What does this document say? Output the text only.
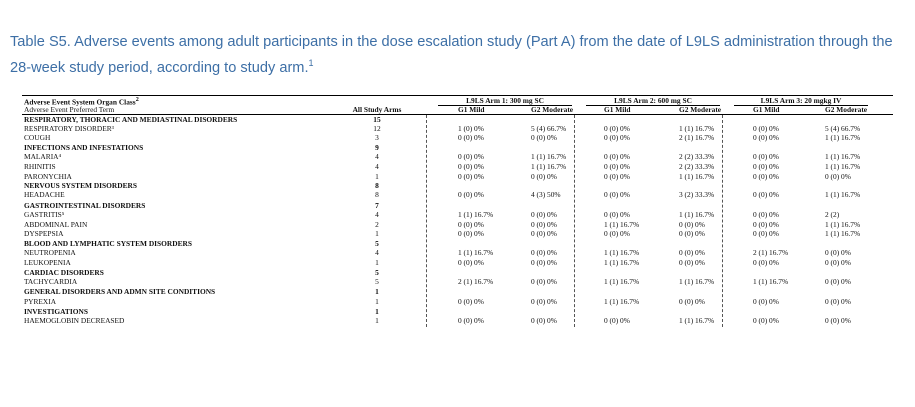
Table S5. Adverse events among adult participants in the dose escalation study (Part A) from the date of L9LS administration through the 28-week study period, according to study arm.$^1$
Adverse Event System Organ Class$^2$	L9LS Arm 1: 300 mg SC	L9LS Arm 2: 600 mg SC	L9LS Arm 3: 20 mgkg IV
Adverse Event Preferred Term	All Study Arms	G1 Mild	G2 Moderate	G1 Mild	G2 Moderate	G1 Mild	G2 Moderate
RESPIRATORY, THORACIC AND MEDIASTINAL DISORDERS	15
RESPIRATORY DISORDER³	12	1 (0) 0%	5 (4) 66.7%	0 (0) 0%	1 (1) 16.7%	0 (0) 0%	5 (4) 66.7%
COUGH	3	0 (0) 0%	0 (0) 0%	0 (0) 0%	2 (1) 16.7%	0 (0) 0%	1 (1) 16.7%
INFECTIONS AND INFESTATIONS	9
MALARIA⁴	4	0 (0) 0%	1 (1) 16.7%	0 (0) 0%	2 (2) 33.3%	0 (0) 0%	1 (1) 16.7%
RHINITIS	4	0 (0) 0%	1 (1) 16.7%	0 (0) 0%	2 (2) 33.3%	0 (0) 0%	1 (1) 16.7%
PARONYCHIA	1	0 (0) 0%	0 (0) 0%	0 (0) 0%	1 (1) 16.7%	0 (0) 0%	0 (0) 0%
NERVOUS SYSTEM DISORDERS	8
HEADACHE	8	0 (0) 0%	4 (3) 50%	0 (0) 0%	3 (2) 33.3%	0 (0) 0%	1 (1) 16.7%
GASTROINTESTINAL DISORDERS	7
GASTRITIS⁵	4	1 (1) 16.7%	0 (0) 0%	0 (0) 0%	1 (1) 16.7%	0 (0) 0%	2 (2)
ABDOMINAL PAIN	2	0 (0) 0%	0 (0) 0%	1 (1) 16.7%	0 (0) 0%	0 (0) 0%	1 (1) 16.7%
DYSPEPSIA	1	0 (0) 0%	0 (0) 0%	0 (0) 0%	0 (0) 0%	0 (0) 0%	1 (1) 16.7%
BLOOD AND LYMPHATIC SYSTEM DISORDERS	5
NEUTROPENIA	4	1 (1) 16.7%	0 (0) 0%	1 (1) 16.7%	0 (0) 0%	2 (1) 16.7%	0 (0) 0%
LEUKOPENIA	1	0 (0) 0%	0 (0) 0%	1 (1) 16.7%	0 (0) 0%	0 (0) 0%	0 (0) 0%
CARDIAC DISORDERS	5
TACHYCARDIA	5	2 (1) 16.7%	0 (0) 0%	1 (1) 16.7%	1 (1) 16.7%	1 (1) 16.7%	0 (0) 0%
GENERAL DISORDERS AND ADMN SITE CONDITIONS	1
PYREXIA	1	0 (0) 0%	0 (0) 0%	1 (1) 16.7%	0 (0) 0%	0 (0) 0%	0 (0) 0%
INVESTIGATIONS	1
HAEMOGLOBIN DECREASED	1	0 (0) 0%	0 (0) 0%	0 (0) 0%	1 (1) 16.7%	0 (0) 0%	0 (0) 0%
